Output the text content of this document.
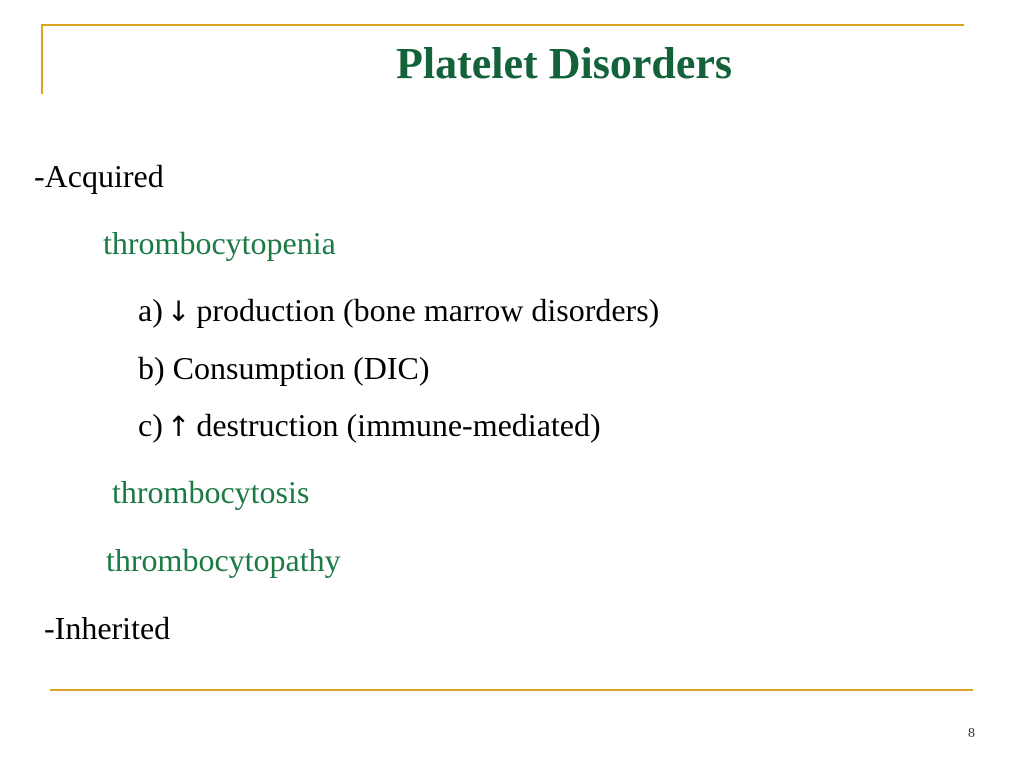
Platelet Disorders
-Acquired
thrombocytopenia
a) ↓ production (bone marrow disorders)
b) Consumption (DIC)
c) ↑ destruction (immune-mediated)
thrombocytosis
thrombocytopathy
-Inherited
8
